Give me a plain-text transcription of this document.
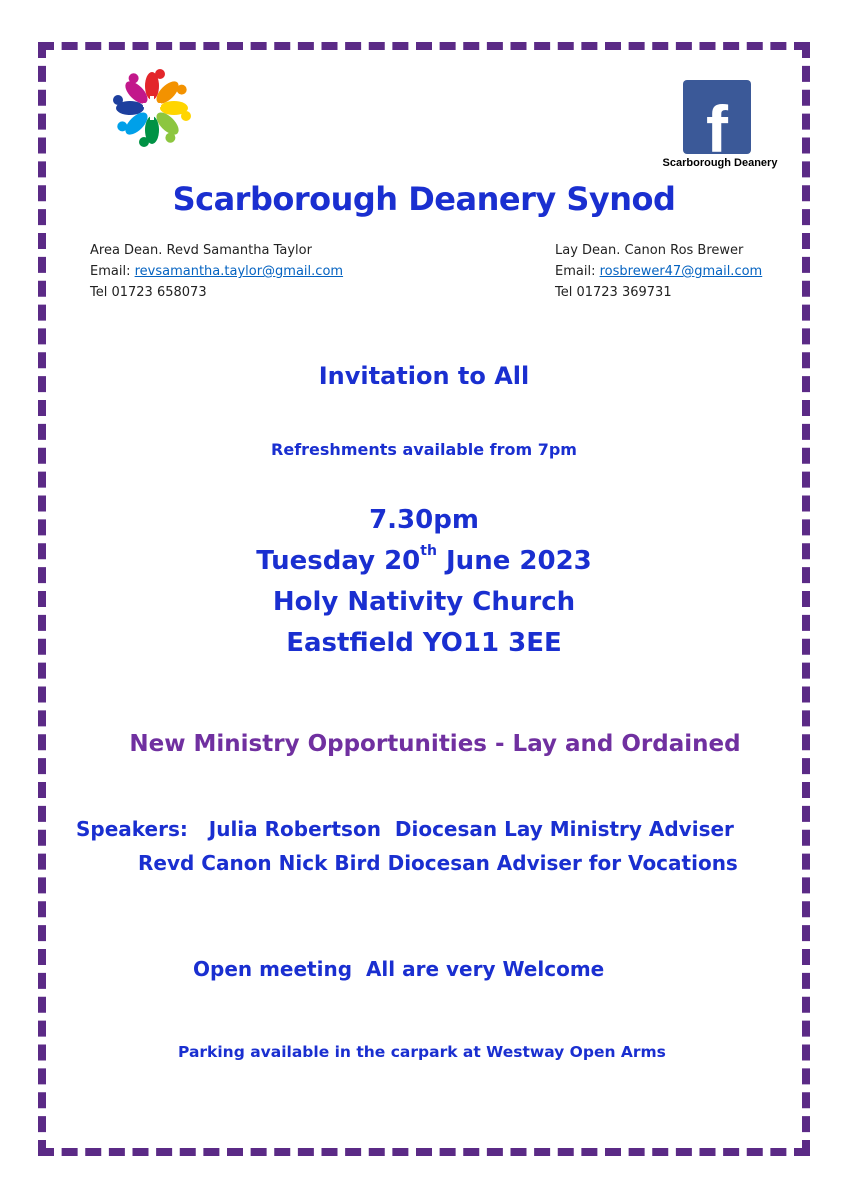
f
Scarborough Deanery
Scarborough Deanery Synod
Area Dean. Revd Samantha Taylor
Email: revsamantha.taylor@gmail.com
Tel 01723 658073
Lay Dean. Canon Ros Brewer
Email: rosbrewer47@gmail.com
Tel 01723 369731
Invitation to All
Refreshments available from 7pm
7.30pm
Tuesday 20th June 2023
Holy Nativity Church
Eastfield YO11 3EE
New Ministry Opportunities - Lay and Ordained
Speakers:   Julia Robertson  Diocesan Lay Ministry Adviser
Revd Canon Nick Bird Diocesan Adviser for Vocations
Open meeting  All are very Welcome
Parking available in the carpark at Westway Open Arms
